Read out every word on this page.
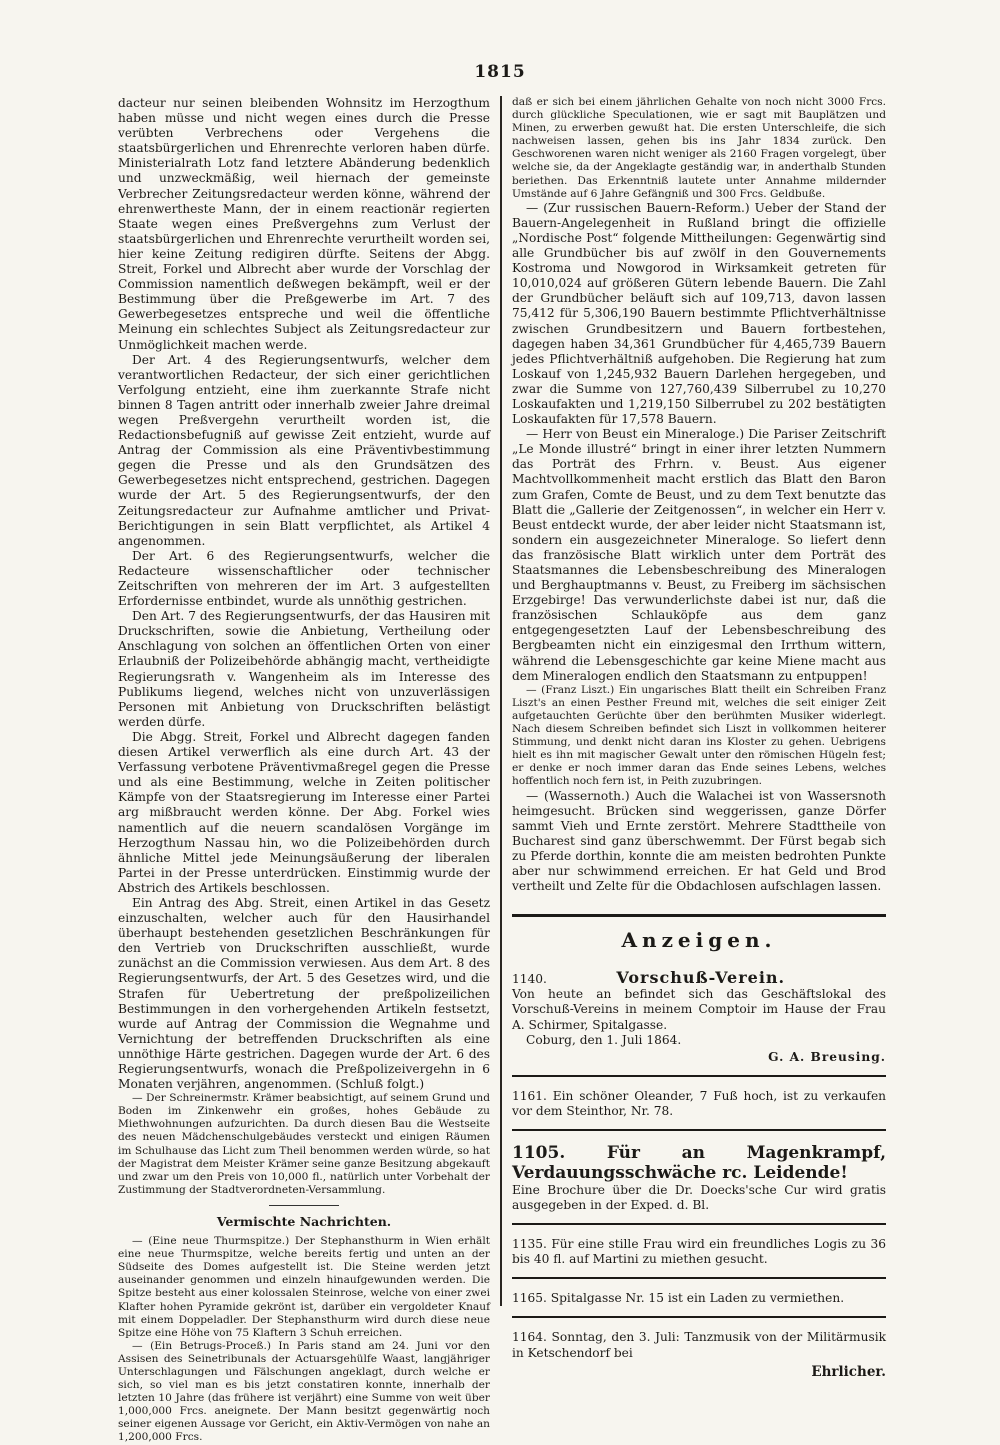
1815

dacteur nur seinen bleibenden Wohnsitz im Herzogthum haben müsse und nicht wegen eines durch die Presse verübten Verbrechens oder Vergehens die staatsbürgerlichen und Ehrenrechte verloren haben dürfe. Ministerialrath Lotz fand letztere Abänderung bedenklich und unzweckmäßig, weil hiernach der gemeinste Verbrecher Zeitungsredacteur werden könne, während der ehrenwertheste Mann, der in einem reactionär regierten Staate wegen eines Preßvergehns zum Verlust der staatsbürgerlichen und Ehrenrechte verurtheilt worden sei, hier keine Zeitung redigiren dürfte. Seitens der Abgg. Streit, Forkel und Albrecht aber wurde der Vorschlag der Commission namentlich deßwegen bekämpft, weil er der Bestimmung über die Preßgewerbe im Art. 7 des Gewerbegesetzes entspreche und weil die öffentliche Meinung ein schlechtes Subject als Zeitungsredacteur zur Unmöglichkeit machen werde.

Der Art. 4 des Regierungsentwurfs, welcher dem verantwortlichen Redacteur, der sich einer gerichtlichen Verfolgung entzieht, eine ihm zuerkannte Strafe nicht binnen 8 Tagen antritt oder innerhalb zweier Jahre dreimal wegen Preßvergehn verurtheilt worden ist, die Redactionsbefugniß auf gewisse Zeit entzieht, wurde auf Antrag der Commission als eine Präventivbestimmung gegen die Presse und als den Grundsätzen des Gewerbegesetzes nicht entsprechend, gestrichen. Dagegen wurde der Art. 5 des Regierungsentwurfs, der den Zeitungsredacteur zur Aufnahme amtlicher und Privat-Berichtigungen in sein Blatt verpflichtet, als Artikel 4 angenommen.

Der Art. 6 des Regierungsentwurfs, welcher die Redacteure wissenschaftlicher oder technischer Zeitschriften von mehreren der im Art. 3 aufgestellten Erfordernisse entbindet, wurde als unnöthig gestrichen.

Den Art. 7 des Regierungsentwurfs, der das Hausiren mit Druckschriften, sowie die Anbietung, Vertheilung oder Anschlagung von solchen an öffentlichen Orten von einer Erlaubniß der Polizeibehörde abhängig macht, vertheidigte Regierungsrath v. Wangenheim als im Interesse des Publikums liegend, welches nicht von unzuverlässigen Personen mit Anbietung von Druckschriften belästigt werden dürfe.

Die Abgg. Streit, Forkel und Albrecht dagegen fanden diesen Artikel verwerflich als eine durch Art. 43 der Verfassung verbotene Präventivmaßregel gegen die Presse und als eine Bestimmung, welche in Zeiten politischer Kämpfe von der Staatsregierung im Interesse einer Partei arg mißbraucht werden könne. Der Abg. Forkel wies namentlich auf die neuern scandalösen Vorgänge im Herzogthum Nassau hin, wo die Polizeibehörden durch ähnliche Mittel jede Meinungsäußerung der liberalen Partei in der Presse unterdrücken. Einstimmig wurde der Abstrich des Artikels beschlossen.

Ein Antrag des Abg. Streit, einen Artikel in das Gesetz einzuschalten, welcher auch für den Hausirhandel überhaupt bestehenden gesetzlichen Beschränkungen für den Vertrieb von Druckschriften ausschließt, wurde zunächst an die Commission verwiesen. Aus dem Art. 8 des Regierungsentwurfs, der Art. 5 des Gesetzes wird, und die Strafen für Uebertretung der preßpolizeilichen Bestimmungen in den vorhergehenden Artikeln festsetzt, wurde auf Antrag der Commission die Wegnahme und Vernichtung der betreffenden Druckschriften als eine unnöthige Härte gestrichen. Dagegen wurde der Art. 6 des Regierungsentwurfs, wonach die Preßpolizeivergehn in 6 Monaten verjähren, angenommen. (Schluß folgt.)

— Der Schreinermstr. Krämer beabsichtigt, auf seinem Grund und Boden im Zinkenwehr ein großes, hohes Gebäude zu Miethwohnungen aufzurichten. Da durch diesen Bau die Westseite des neuen Mädchenschulgebäudes versteckt und einigen Räumen im Schulhause das Licht zum Theil benommen werden würde, so hat der Magistrat dem Meister Krämer seine ganze Besitzung abgekauft und zwar um den Preis von 10,000 fl., natürlich unter Vorbehalt der Zustimmung der Stadtverordneten-Versammlung.

Vermischte Nachrichten.

— (Eine neue Thurmspitze.) Der Stephansthurm in Wien erhält eine neue Thurmspitze, welche bereits fertig und unten an der Südseite des Domes aufgestellt ist. Die Steine werden jetzt auseinander genommen und einzeln hinaufgewunden werden. Die Spitze besteht aus einer kolossalen Steinrose, welche von einer zwei Klafter hohen Pyramide gekrönt ist, darüber ein vergoldeter Knauf mit einem Doppeladler. Der Stephansthurm wird durch diese neue Spitze eine Höhe von 75 Klaftern 3 Schuh erreichen.

— (Ein Betrugs-Proceß.) In Paris stand am 24. Juni vor den Assisen des Seinetribunals der Actuarsgehülfe Waast, langjähriger Unterschlagungen und Fälschungen angeklagt, durch welche er sich, so viel man es bis jetzt constatiren konnte, innerhalb der letzten 10 Jahre (das frühere ist verjährt) eine Summe von weit über 1,000,000 Frcs. aneignete. Der Mann besitzt gegenwärtig noch seiner eigenen Aussage vor Gericht, ein Aktiv-Vermögen von nahe an 1,200,000 Frcs.

daß er sich bei einem jährlichen Gehalte von noch nicht 3000 Frcs. durch glückliche Speculationen, wie er sagt mit Bauplätzen und Minen, zu erwerben gewußt hat. Die ersten Unterschleife, die sich nachweisen lassen, gehen bis ins Jahr 1834 zurück. Den Geschworenen waren nicht weniger als 2160 Fragen vorgelegt, über welche sie, da der Angeklagte geständig war, in anderthalb Stunden beriethen. Das Erkenntniß lautete unter Annahme mildernder Umstände auf 6 Jahre Gefängniß und 300 Frcs. Geldbuße.

— (Zur russischen Bauern-Reform.) Ueber der Stand der Bauern-Angelegenheit in Rußland bringt die offizielle „Nordische Post“ folgende Mittheilungen: Gegenwärtig sind alle Grundbücher bis auf zwölf in den Gouvernements Kostroma und Nowgorod in Wirksamkeit getreten für 10,010,024 auf größeren Gütern lebende Bauern. Die Zahl der Grundbücher beläuft sich auf 109,713, davon lassen 75,412 für 5,306,190 Bauern bestimmte Pflichtverhältnisse zwischen Grundbesitzern und Bauern fortbestehen, dagegen haben 34,361 Grundbücher für 4,465,739 Bauern jedes Pflichtverhältniß aufgehoben. Die Regierung hat zum Loskauf von 1,245,932 Bauern Darlehen hergegeben, und zwar die Summe von 127,760,439 Silberrubel zu 10,270 Loskaufakten und 1,219,150 Silberrubel zu 202 bestätigten Loskaufakten für 17,578 Bauern.

— Herr von Beust ein Mineraloge.) Die Pariser Zeitschrift „Le Monde illustré“ bringt in einer ihrer letzten Nummern das Porträt des Frhrn. v. Beust. Aus eigener Machtvollkommenheit macht erstlich das Blatt den Baron zum Grafen, Comte de Beust, und zu dem Text benutzte das Blatt die „Gallerie der Zeitgenossen“, in welcher ein Herr v. Beust entdeckt wurde, der aber leider nicht Staatsmann ist, sondern ein ausgezeichneter Mineraloge. So liefert denn das französische Blatt wirklich unter dem Porträt des Staatsmannes die Lebensbeschreibung des Mineralogen und Berghauptmanns v. Beust, zu Freiberg im sächsischen Erzgebirge! Das verwunderlichste dabei ist nur, daß die französischen Schlauköpfe aus dem ganz entgegengesetzten Lauf der Lebensbeschreibung des Bergbeamten nicht ein einzigesmal den Irrthum wittern, während die Lebensgeschichte gar keine Miene macht aus dem Mineralogen endlich den Staatsmann zu entpuppen!

— (Franz Liszt.) Ein ungarisches Blatt theilt ein Schreiben Franz Liszt's an einen Pesther Freund mit, welches die seit einiger Zeit aufgetauchten Gerüchte über den berühmten Musiker widerlegt. Nach diesem Schreiben befindet sich Liszt in vollkommen heiterer Stimmung, und denkt nicht daran ins Kloster zu gehen. Uebrigens hielt es ihn mit magischer Gewalt unter den römischen Hügeln fest; er denke er noch immer daran das Ende seines Lebens, welches hoffentlich noch fern ist, in Peith zuzubringen.

— (Wassernoth.) Auch die Walachei ist von Wassersnoth heimgesucht. Brücken sind weggerissen, ganze Dörfer sammt Vieh und Ernte zerstört. Mehrere Stadttheile von Bucharest sind ganz überschwemmt. Der Fürst begab sich zu Pferde dorthin, konnte die am meisten bedrohten Punkte aber nur schwimmend erreichen. Er hat Geld und Brod vertheilt und Zelte für die Obdachlosen aufschlagen lassen.

Anzeigen.

1140.	Vorschuß-Verein.

Von heute an befindet sich das Geschäftslokal des Vorschuß-Vereins in meinem Comptoir im Hause der Frau A. Schirmer, Spitalgasse.

Coburg, den 1. Juli 1864.

G. A. Breusing.

1161. Ein schöner Oleander, 7 Fuß hoch, ist zu verkaufen vor dem Steinthor, Nr. 78.

1105. Für an Magenkrampf, Verdauungsschwäche rc. Leidende!

Eine Brochure über die Dr. Doecks'sche Cur wird gratis ausgegeben in der Exped. d. Bl.

1135. Für eine stille Frau wird ein freundliches Logis zu 36 bis 40 fl. auf Martini zu miethen gesucht.

1165. Spitalgasse Nr. 15 ist ein Laden zu vermiethen.

1164. Sonntag, den 3. Juli: Tanzmusik von der Militärmusik in Ketschendorf bei

Ehrlicher.
